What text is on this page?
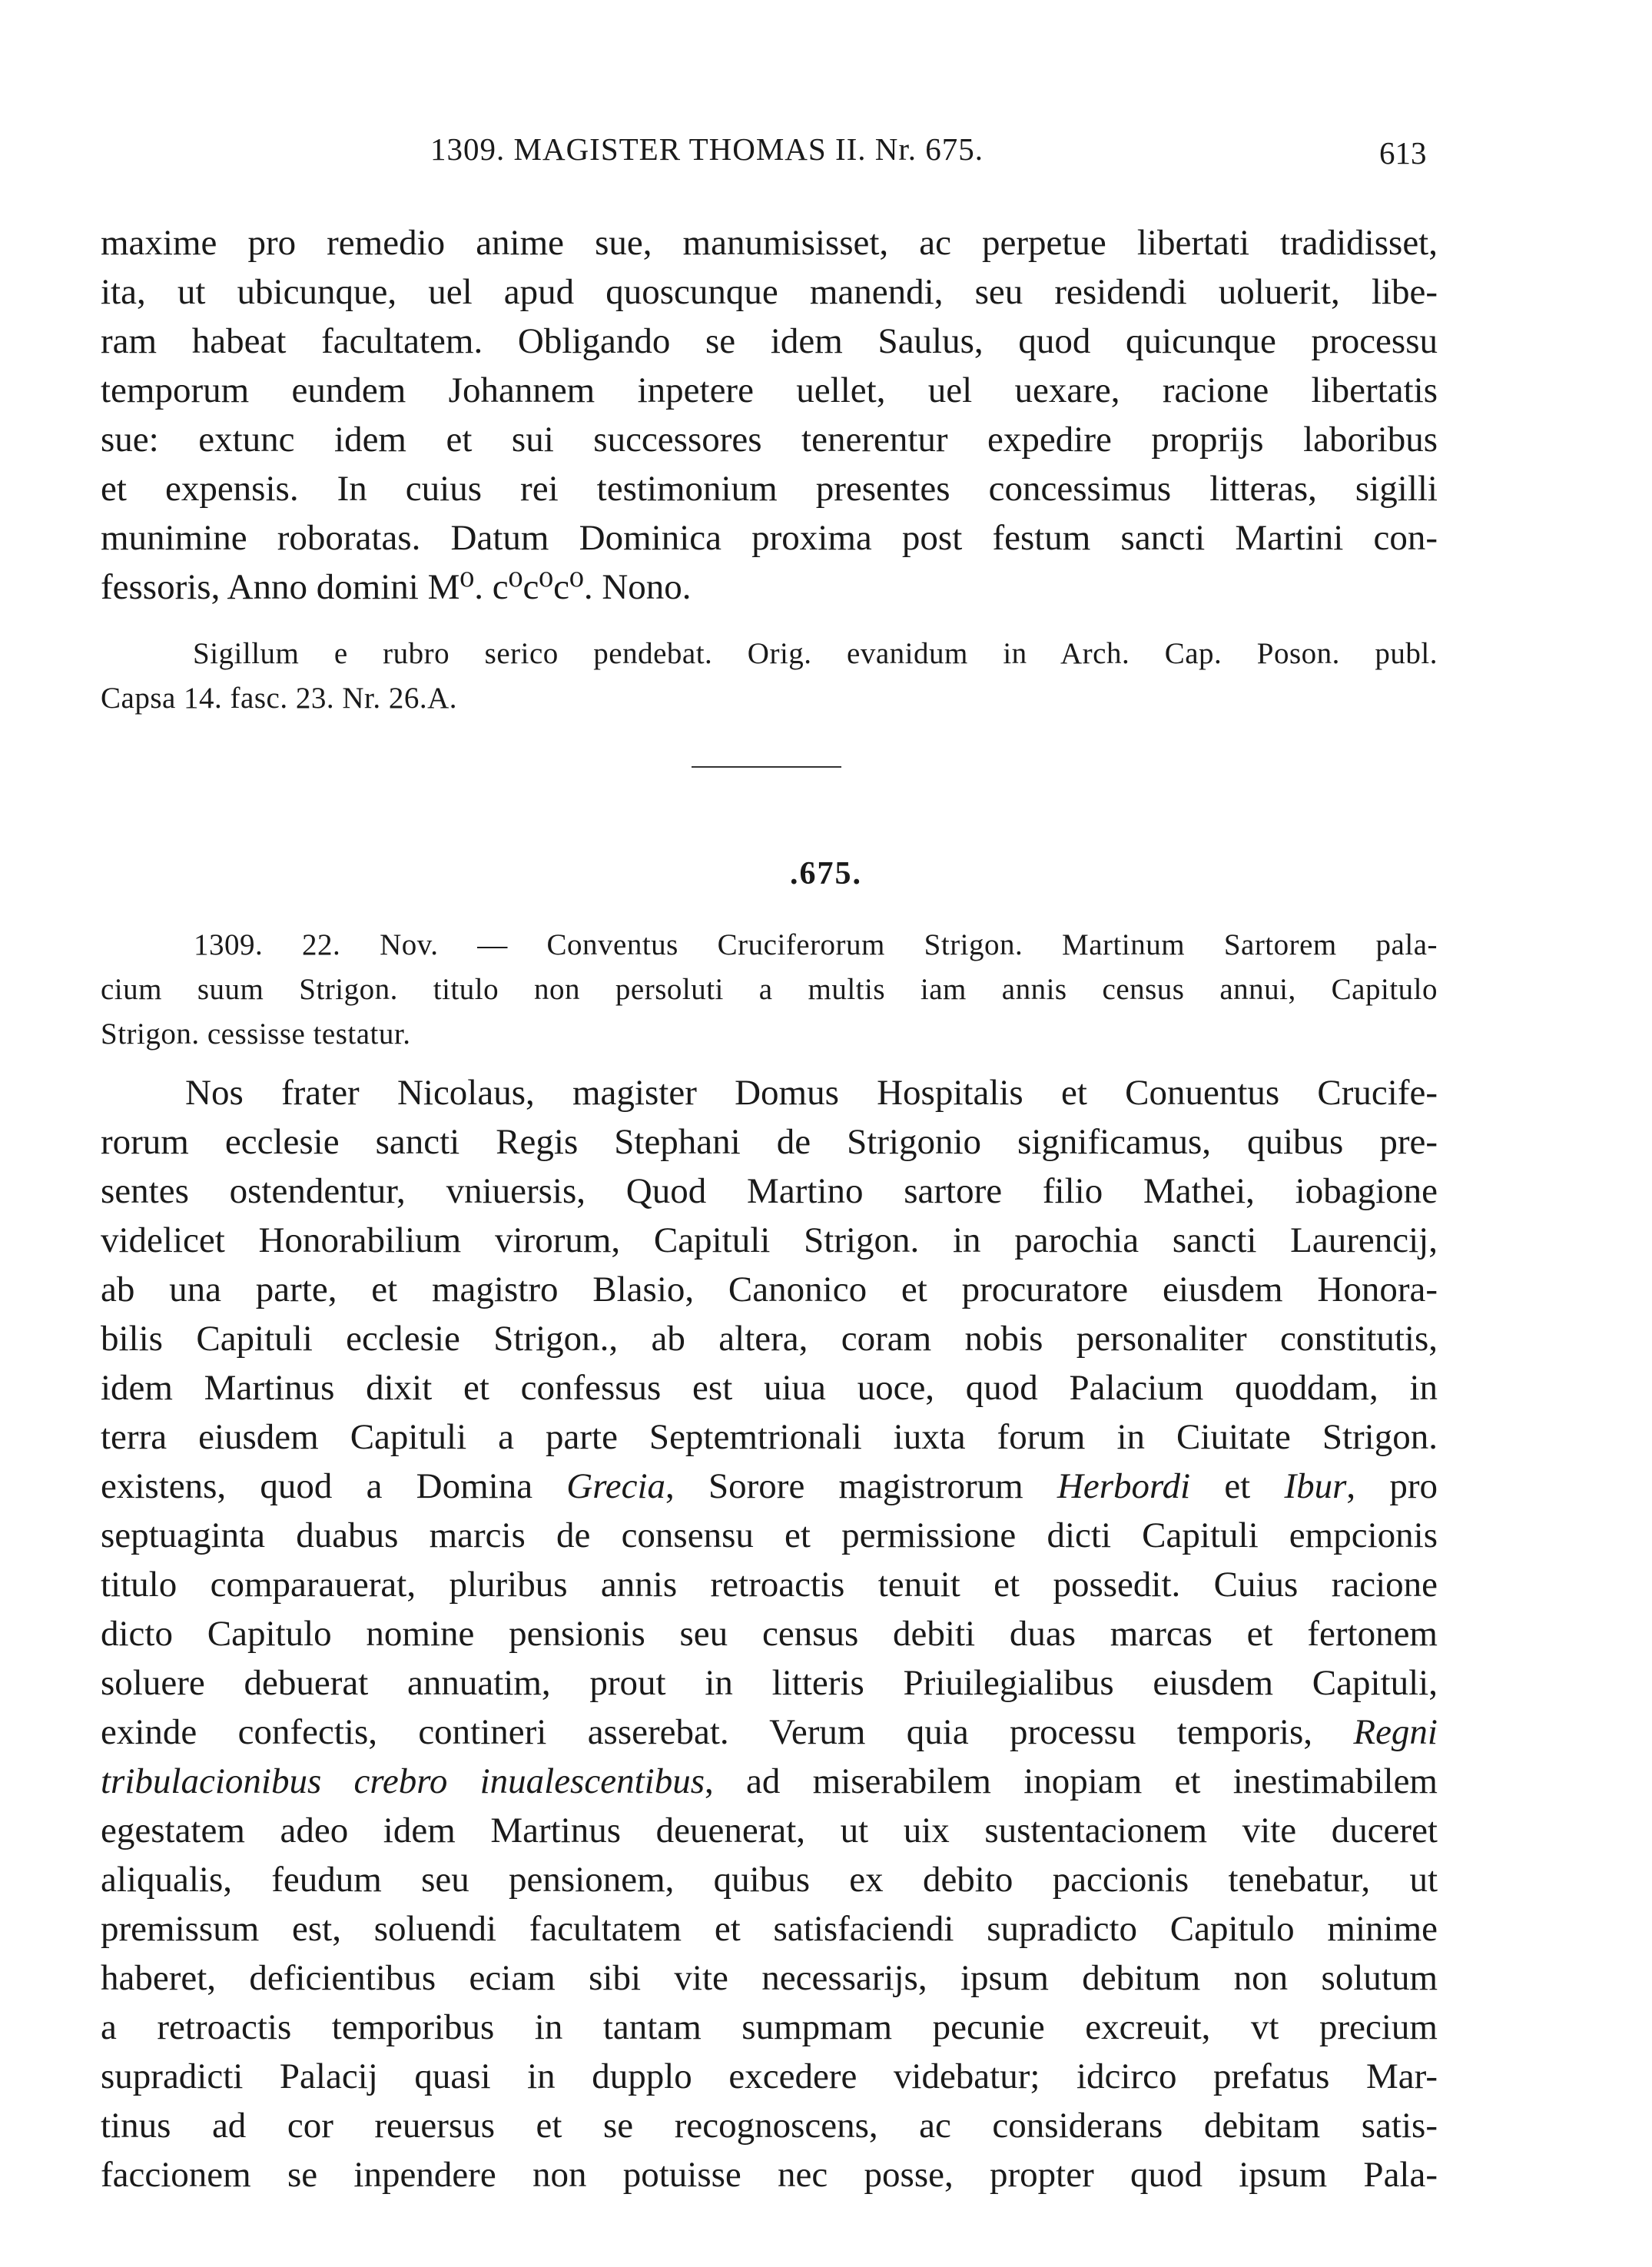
1309. MAGISTER THOMAS II. Nr. 675.	613
maxime pro remedio anime sue, manumisisset, ac perpetue libertati tradidisset,
ita, ut ubicunque, uel apud quoscunque manendi, seu residendi uoluerit, libe-
ram habeat facultatem. Obligando se idem Saulus, quod quicunque processu
temporum eundem Johannem inpetere uellet, uel uexare, racione libertatis
sue: extunc idem et sui successores tenerentur expedire proprijs laboribus
et expensis. In cuius rei testimonium presentes concessimus litteras, sigilli
munimine roboratas. Datum Dominica proxima post festum sancti Martini con-
fessoris, Anno domini M⁰. c⁰c⁰c⁰. Nono.
Sigillum e rubro serico pendebat. Orig. evanidum in Arch. Cap. Poson. publ.
Capsa 14. fasc. 23. Nr. 26.A.
.675.
1309. 22. Nov. — Conventus Cruciferorum Strigon. Martinum Sartorem pala-
cium suum Strigon. titulo non persoluti a multis iam annis census annui, Capitulo
Strigon. cessisse testatur.
Nos frater Nicolaus, magister Domus Hospitalis et Conuentus Crucife-
rorum ecclesie sancti Regis Stephani de Strigonio significamus, quibus pre-
sentes ostendentur, vniuersis, Quod Martino sartore filio Mathei, iobagione
videlicet Honorabilium virorum, Capituli Strigon. in parochia sancti Laurencij,
ab una parte, et magistro Blasio, Canonico et procuratore eiusdem Honora-
bilis Capituli ecclesie Strigon., ab altera, coram nobis personaliter constitutis,
idem Martinus dixit et confessus est uiua uoce, quod Palacium quoddam, in
terra eiusdem Capituli a parte Septemtrionali iuxta forum in Ciuitate Strigon.
existens, quod a Domina Grecia, Sorore magistrorum Herbordi et Ibur, pro
septuaginta duabus marcis de consensu et permissione dicti Capituli empcionis
titulo comparauerat, pluribus annis retroactis tenuit et possedit. Cuius racione
dicto Capitulo nomine pensionis seu census debiti duas marcas et fertonem
soluere debuerat annuatim, prout in litteris Priuilegialibus eiusdem Capituli,
exinde confectis, contineri asserebat. Verum quia processu temporis, Regni
tribulacionibus crebro inualescentibus, ad miserabilem inopiam et inestimabilem
egestatem adeo idem Martinus deuenerat, ut uix sustentacionem vite duceret
aliqualis, feudum seu pensionem, quibus ex debito paccionis tenebatur, ut
premissum est, soluendi facultatem et satisfaciendi supradicto Capitulo minime
haberet, deficientibus eciam sibi vite necessarijs, ipsum debitum non solutum
a retroactis temporibus in tantam sumpmam pecunie excreuit, vt precium
supradicti Palacij quasi in dupplo excedere videbatur; idcirco prefatus Mar-
tinus ad cor reuersus et se recognoscens, ac considerans debitam satis-
faccionem se inpendere non potuisse nec posse, propter quod ipsum Pala-
